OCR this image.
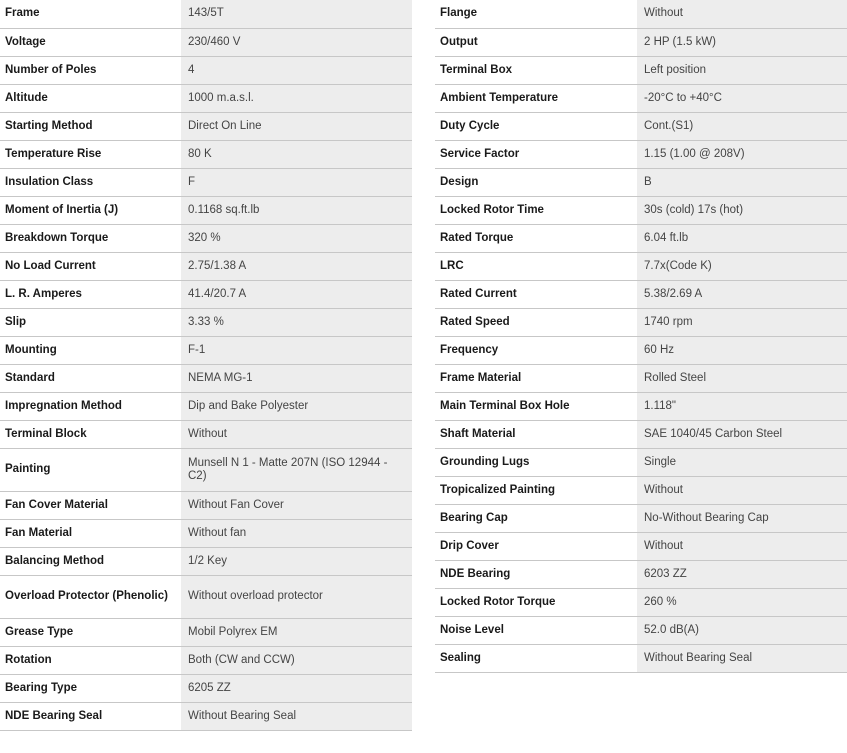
Frame	143/5T
Voltage	230/460 V
Number of Poles	4
Altitude	1000 m.a.s.l.
Starting Method	Direct On Line
Temperature Rise	80 K
Insulation Class	F
Moment of Inertia (J)	0.1168 sq.ft.lb
Breakdown Torque	320 %
No Load Current	2.75/1.38 A
L. R. Amperes	41.4/20.7 A
Slip	3.33 %
Mounting	F-1
Standard	NEMA MG-1
Impregnation Method	Dip and Bake Polyester
Terminal Block	Without
Painting	Munsell N 1 - Matte 207N (ISO 12944 - C2)
Fan Cover Material	Without Fan Cover
Fan Material	Without fan
Balancing Method	1/2 Key
Overload Protector (Phenolic)	Without overload protector
Grease Type	Mobil Polyrex EM
Rotation	Both (CW and CCW)
Bearing Type	6205 ZZ
NDE Bearing Seal	Without Bearing Seal
Flange	Without
Output	2 HP (1.5 kW)
Terminal Box	Left position
Ambient Temperature	-20°C to +40°C
Duty Cycle	Cont.(S1)
Service Factor	1.15 (1.00 @ 208V)
Design	B
Locked Rotor Time	30s (cold) 17s (hot)
Rated Torque	6.04 ft.lb
LRC	7.7x(Code K)
Rated Current	5.38/2.69 A
Rated Speed	1740 rpm
Frequency	60 Hz
Frame Material	Rolled Steel
Main Terminal Box Hole	1.118"
Shaft Material	SAE 1040/45 Carbon Steel
Grounding Lugs	Single
Tropicalized Painting	Without
Bearing Cap	No-Without Bearing Cap
Drip Cover	Without
NDE Bearing	6203 ZZ
Locked Rotor Torque	260 %
Noise Level	52.0 dB(A)
Sealing	Without Bearing Seal
